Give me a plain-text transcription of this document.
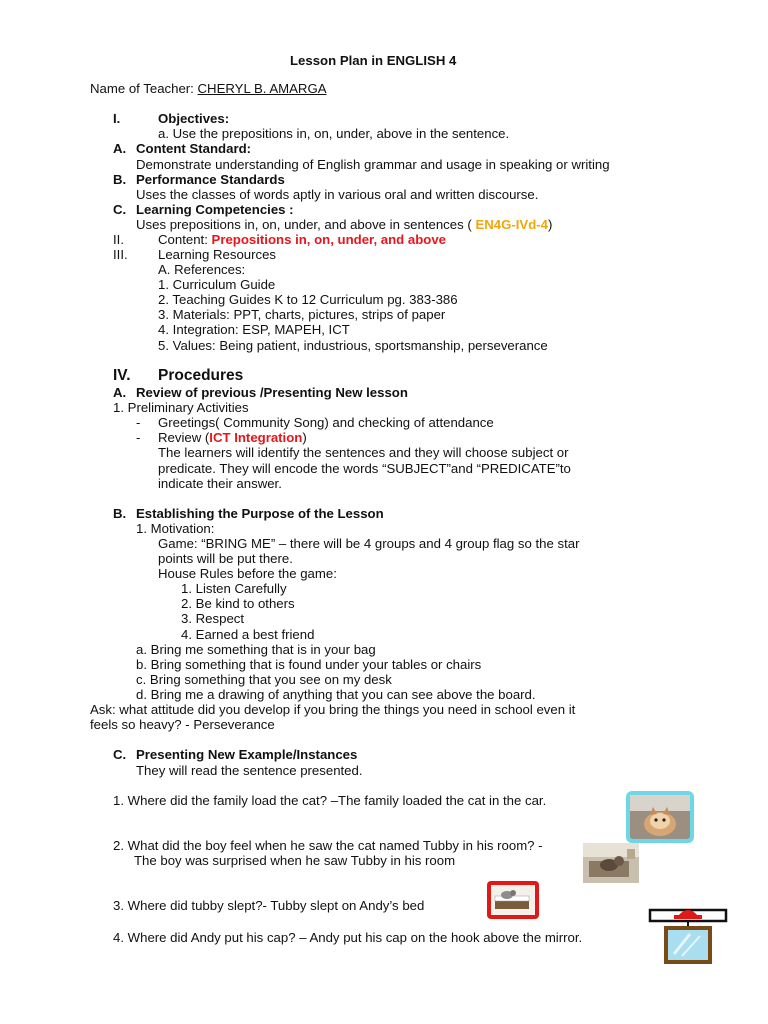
Lesson Plan in ENGLISH 4
Name of Teacher: CHERYL B. AMARGA
I.	Objectives:
a. Use the prepositions in, on, under, above in the sentence.
A. Content Standard:
Demonstrate understanding of English grammar and usage in speaking or writing
B. Performance Standards
Uses the classes of words aptly in various oral and written discourse.
C. Learning Competencies :
Uses prepositions in, on, under, and above in sentences ( EN4G-IVd-4)
II.	Content: Prepositions in, on, under, and above
III. Learning Resources
A. References:
1. Curriculum Guide
2. Teaching Guides K to 12 Curriculum pg. 383-386
3. Materials: PPT, charts, pictures, strips of paper
4. Integration: ESP, MAPEH, ICT
5. Values: Being patient, industrious, sportsmanship, perseverance
IV. Procedures
A. Review of previous /Presenting New lesson
1. Preliminary Activities
- Greetings( Community Song) and checking of attendance
- Review (ICT Integration)
The learners will identify the sentences and they will choose subject or
predicate. They will encode the words “SUBJECT”and “PREDICATE”to
indicate their answer.
B. Establishing the Purpose of the Lesson
1. Motivation:
Game: “BRING ME” – there will be 4 groups and 4 group flag so the star
points will be put there.
House Rules before the game:
1. Listen Carefully
2. Be kind to others
3. Respect
4. Earned a best friend
a. Bring me something that is in your bag
b. Bring something that is found under your tables or chairs
c. Bring something that you see on my desk
d. Bring me a drawing of anything that you can see above the board.
Ask: what attitude did you develop if you bring the things you need in school even it
feels so heavy? - Perseverance
C. Presenting New Example/Instances
They will read the sentence presented.
1. Where did the family load the cat? –The family loaded the cat in the car.
2. What did the boy feel when he saw the cat named Tubby in his room? -
The boy was surprised when he saw Tubby in his room
3. Where did tubby slept?- Tubby slept on Andy’s bed
4. Where did Andy put his cap? – Andy put his cap on the hook above the mirror.
